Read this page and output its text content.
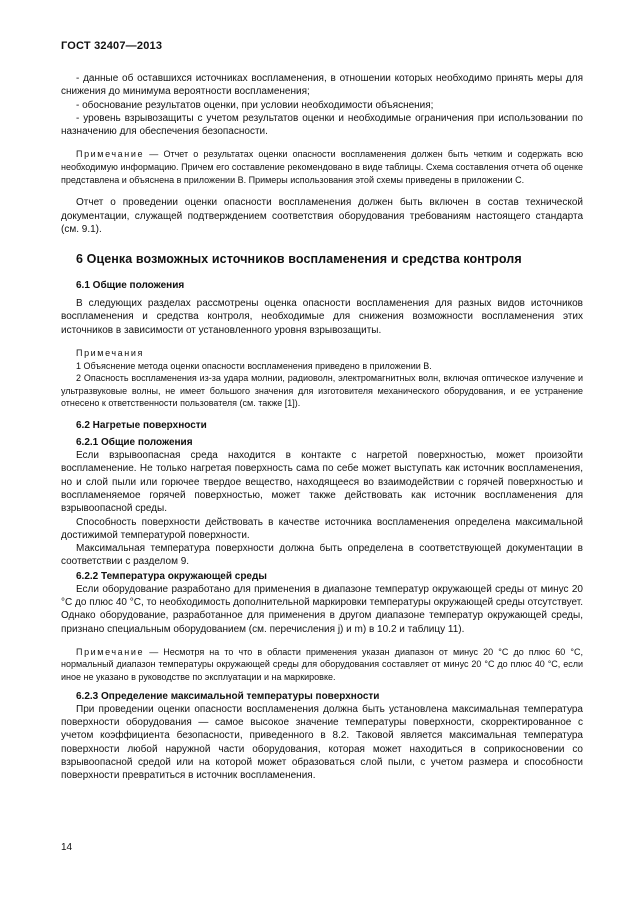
ГОСТ 32407—2013

- данные об оставшихся источниках воспламенения, в отношении которых необходимо принять меры для снижения до минимума вероятности воспламенения;

- обоснование результатов оценки, при условии необходимости объяснения;

- уровень взрывозащиты с учетом результатов оценки и необходимые ограничения при использовании по назначению для обеспечения безопасности.

Примечание — Отчет о результатах оценки опасности воспламенения должен быть четким и содержать всю необходимую информацию. Причем его составление рекомендовано в виде таблицы. Схема составления отчета об оценке представлена и объяснена в приложении В. Примеры использования этой схемы приведены в приложении С.

Отчет о проведении оценки опасности воспламенения должен быть включен в состав технической документации, служащей подтверждением соответствия оборудования требованиям настоящего стандарта (см. 9.1).

6 Оценка возможных источников воспламенения и средства контроля
6.1 Общие положения

В следующих разделах рассмотрены оценка опасности воспламенения для разных видов источников воспламенения и средства контроля, необходимые для снижения возможности воспламенения этих источников в зависимости от установленного уровня взрывозащиты.

Примечания

1 Объяснение метода оценки опасности воспламенения приведено в приложении В.

2 Опасность воспламенения из-за удара молнии, радиоволн, электромагнитных волн, включая оптическое излучение и ультразвуковые волны, не имеет большого значения для изготовителя механического оборудования, и ее устранение отнесено к ответственности пользователя (см. также [1]).

6.2 Нагретые поверхности
6.2.1 Общие положения

Если взрывоопасная среда находится в контакте с нагретой поверхностью, может произойти воспламенение. Не только нагретая поверхность сама по себе может выступать как источник воспламенения, но и слой пыли или горючее твердое вещество, находящееся во взаимодействии с горячей поверхностью и воспламеняемое горячей поверхностью, может также действовать как источник воспламенения для взрывоопасной среды.

Способность поверхности действовать в качестве источника воспламенения определена максимальной достижимой температурой поверхности.

Максимальная температура поверхности должна быть определена в соответствующей документации в соответствии с разделом 9.

6.2.2 Температура окружающей среды

Если оборудование разработано для применения в диапазоне температур окружающей среды от минус 20 °С до плюс 40 °С, то необходимость дополнительной маркировки температуры окружающей среды отсутствует. Однако оборудование, разработанное для применения в другом диапазоне температур окружающей среды, признано специальным оборудованием (см. перечисления j) и m) в 10.2 и таблицу 11).

Примечание — Несмотря на то что в области применения указан диапазон от минус 20 °С до плюс 60 °С, нормальный диапазон температуры окружающей среды для оборудования составляет от минус 20 °С до плюс 40 °С, если иное не указано в руководстве по эксплуатации и на маркировке.

6.2.3 Определение максимальной температуры поверхности

При проведении оценки опасности воспламенения должна быть установлена максимальная температура поверхности оборудования — самое высокое значение температуры поверхности, скорректированное с учетом коэффициента безопасности, приведенного в 8.2. Таковой является максимальная температура поверхности любой наружной части оборудования, которая может находиться в соприкосновении со взрывоопасной средой или на которой может образоваться слой пыли, с учетом размера и способности поверхности превратиться в источник воспламенения.

14
